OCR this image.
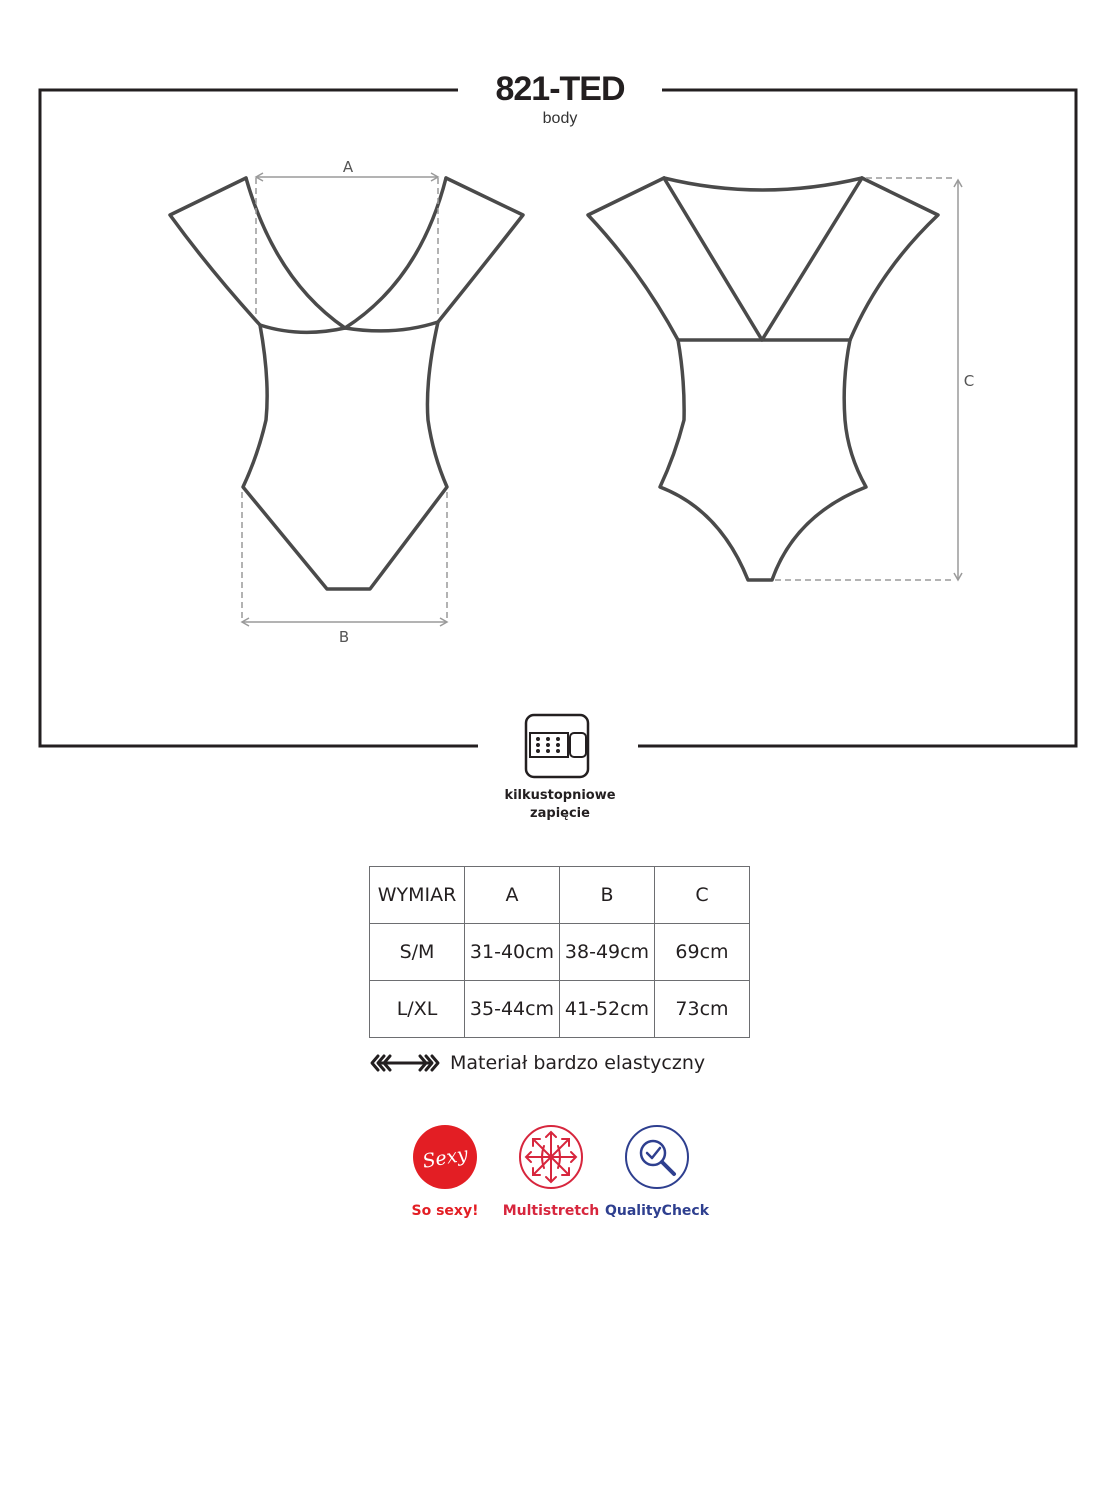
A
B
C
821-TED
body
kilkustopniowe
zapięcie
WYMIAR	A	B	C
S/M	31-40cm	38-49cm	69cm
L/XL	35-44cm	41-52cm	73cm
Materiał bardzo elastyczny
Sexy
So sexy!	Multistretch QualityCheck
